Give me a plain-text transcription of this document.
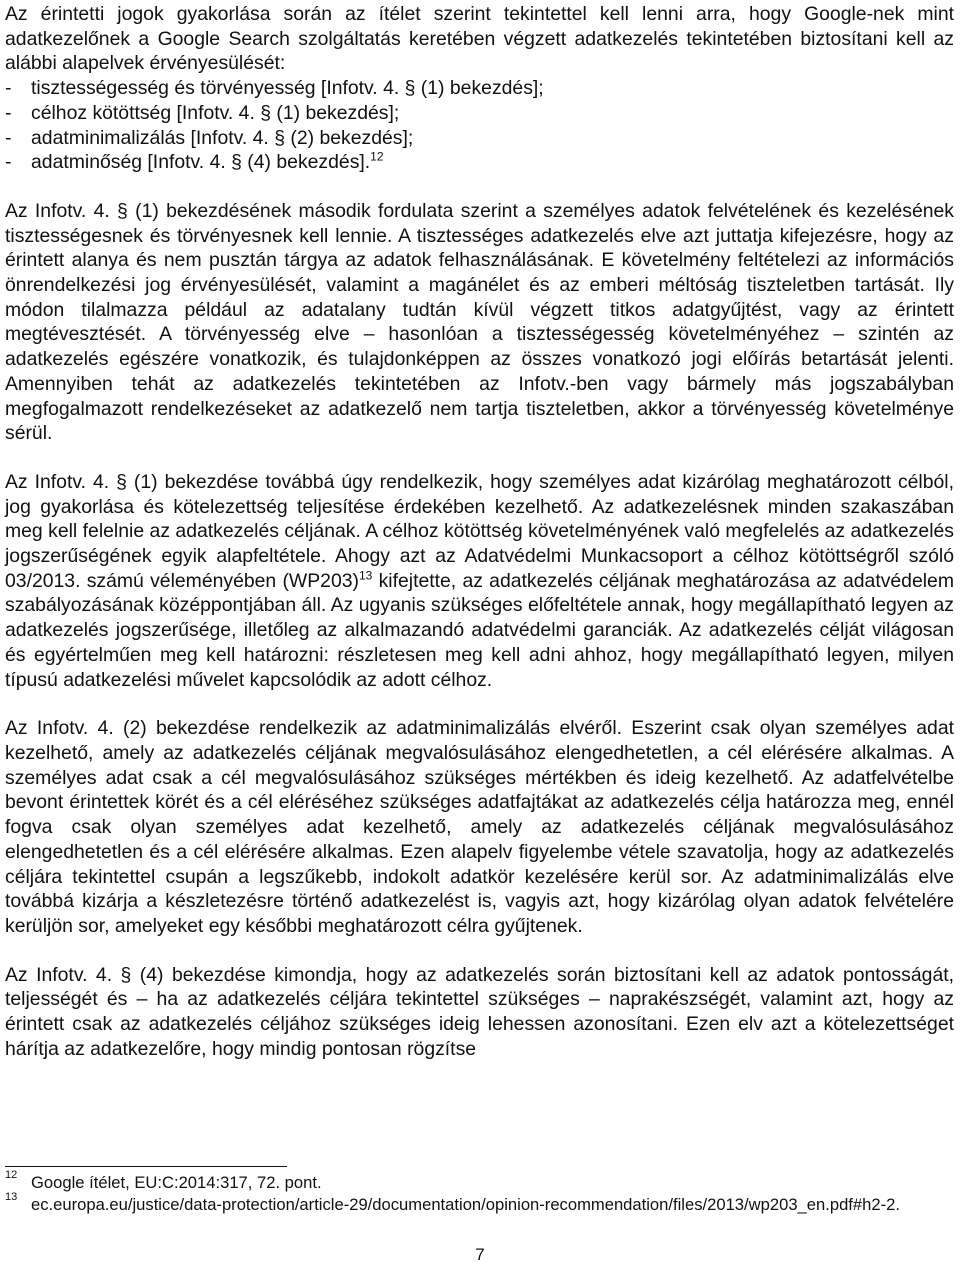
Az érintetti jogok gyakorlása során az ítélet szerint tekintettel kell lenni arra, hogy Google-nek mint adatkezelőnek a Google Search szolgáltatás keretében végzett adatkezelés tekintetében biztosítani kell az alábbi alapelvek érvényesülését:

- tisztességesség és törvényesség [Infotv. 4. § (1) bekezdés];
- célhoz kötöttség [Infotv. 4. § (1) bekezdés];
- adatminimalizálás [Infotv. 4. § (2) bekezdés];
- adatminőség [Infotv. 4. § (4) bekezdés].$^{12}$

Az Infotv. 4. § (1) bekezdésének második fordulata szerint a személyes adatok felvételének és kezelésének tisztességesnek és törvényesnek kell lennie. A tisztességes adatkezelés elve azt juttatja kifejezésre, hogy az érintett alanya és nem pusztán tárgya az adatok felhasználásának. E követelmény feltételezi az információs önrendelkezési jog érvényesülését, valamint a magánélet és az emberi méltóság tiszteletben tartását. Ily módon tilalmazza például az adatalany tudtán kívül végzett titkos adatgyűjtést, vagy az érintett megtévesztését. A törvényesség elve – hasonlóan a tisztességesség követelményéhez – szintén az adatkezelés egészére vonatkozik, és tulajdonképpen az összes vonatkozó jogi előírás betartását jelenti. Amennyiben tehát az adatkezelés tekintetében az Infotv.-ben vagy bármely más jogszabályban megfogalmazott rendelkezéseket az adatkezelő nem tartja tiszteletben, akkor a törvényesség követelménye sérül.

Az Infotv. 4. § (1) bekezdése továbbá úgy rendelkezik, hogy személyes adat kizárólag meghatározott célból, jog gyakorlása és kötelezettség teljesítése érdekében kezelhető. Az adatkezelésnek minden szakaszában meg kell felelnie az adatkezelés céljának. A célhoz kötöttség követelményének való megfelelés az adatkezelés jogszerűségének egyik alapfeltétele. Ahogy azt az Adatvédelmi Munkacsoport a célhoz kötöttségről szóló 03/2013. számú véleményében $(WP203)^{13}$ kifejtette, az adatkezelés céljának meghatározása az adatvédelem szabályozásának középpontjában áll. Az ugyanis szükséges előfeltétele annak, hogy megállapítható legyen az adatkezelés jogszerűsége, illetőleg az alkalmazandó adatvédelmi garanciák. Az adatkezelés célját világosan és egyértelműen meg kell határozni: részletesen meg kell adni ahhoz, hogy megállapítható legyen, milyen típusú adatkezelési művelet kapcsolódik az adott célhoz.

Az Infotv. 4. (2) bekezdése rendelkezik az adatminimalizálás elvéről. Eszerint csak olyan személyes adat kezelhető, amely az adatkezelés céljának megvalósulásához elengedhetetlen, a cél elérésére alkalmas. A személyes adat csak a cél megvalósulásához szükséges mértékben és ideig kezelhető. Az adatfelvételbe bevont érintettek körét és a cél eléréséhez szükséges adatfajtákat az adatkezelés célja határozza meg, ennél fogva csak olyan személyes adat kezelhető, amely az adatkezelés céljának megvalósulásához elengedhetetlen és a cél elérésére alkalmas. Ezen alapelv figyelembe vétele szavatolja, hogy az adatkezelés céljára tekintettel csupán a legszűkebb, indokolt adatkör kezelésére kerül sor. Az adatminimalizálás elve továbbá kizárja a készletezésre történő adatkezelést is, vagyis azt, hogy kizárólag olyan adatok felvételére kerüljön sor, amelyeket egy későbbi meghatározott célra gyűjtenek.

Az Infotv. 4. § (4) bekezdése kimondja, hogy az adatkezelés során biztosítani kell az adatok pontosságát, teljességét és – ha az adatkezelés céljára tekintettel szükséges – naprakészségét, valamint azt, hogy az érintett csak az adatkezelés céljához szükséges ideig lehessen azonosítani. Ezen elv azt a kötelezettséget hárítja az adatkezelőre, hogy mindig pontosan rögzítse

12 Google ítélet, EU:C:2014:317, 72. pont.
13 ec.europa.eu/justice/data-protection/article-29/documentation/opinion-recommendation/files/2013/wp203_en.pdf#h2-2.
7
